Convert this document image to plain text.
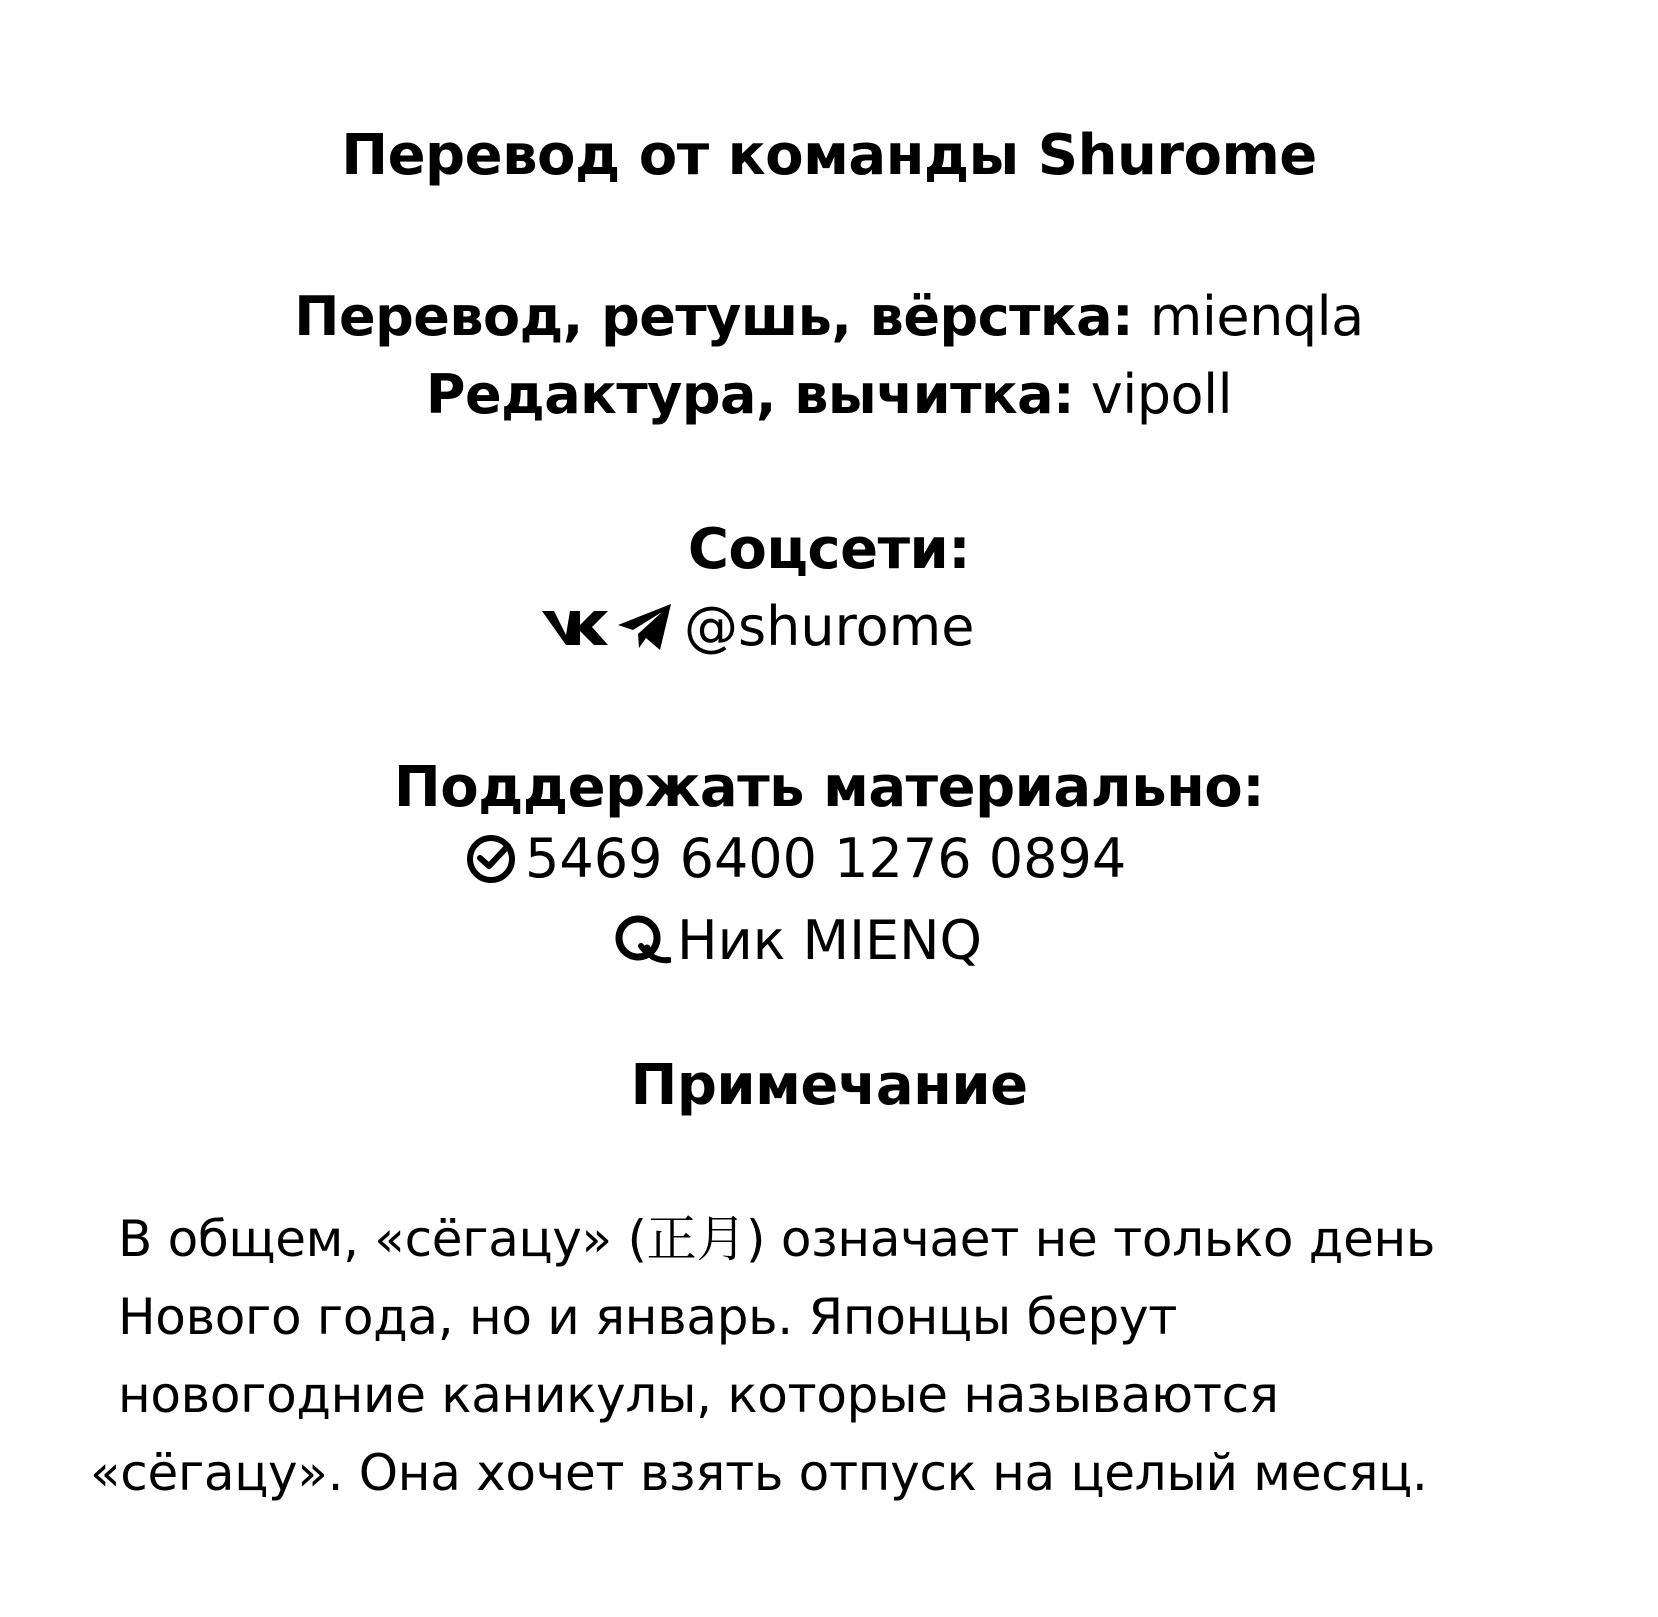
Перевод от команды Shurome
Перевод, ретушь, вёрстка: mienqla
Редактура, вычитка: vipoll
Соцсети:
@shurome
Поддержать материально:
5469 6400 1276 0894
Ник MIENQ
Примечание
В общем, «сёгацу» (正月) означает не только день
Нового года, но и январь. Японцы берут
новогодние каникулы, которые называются
«сёгацу». Она хочет взять отпуск на целый месяц.
